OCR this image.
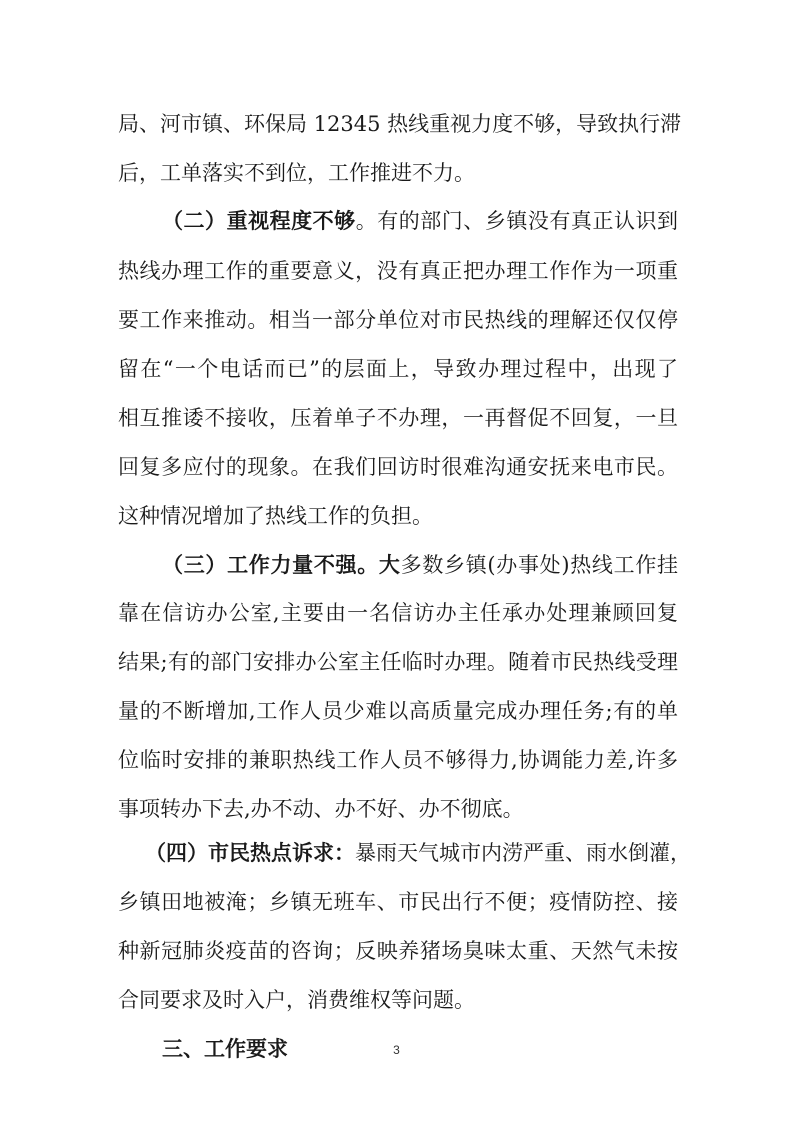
局、河市镇、环保局 12345 热线重视力度不够，导致执行滞
后，工单落实不到位，工作推进不力。
（二）重视程度不够。有的部门、乡镇没有真正认识到
热线办理工作的重要意义，没有真正把办理工作作为一项重
要工作来推动。相当一部分单位对市民热线的理解还仅仅停
留在“一个电话而已”的层面上，导致办理过程中，出现了
相互推诿不接收，压着单子不办理，一再督促不回复，一旦
回复多应付的现象。在我们回访时很难沟通安抚来电市民。
这种情况增加了热线工作的负担。
（三）工作力量不强。大多数乡镇(办事处)热线工作挂
靠在信访办公室,主要由一名信访办主任承办处理兼顾回复
结果;有的部门安排办公室主任临时办理。随着市民热线受理
量的不断增加,工作人员少难以高质量完成办理任务;有的单
位临时安排的兼职热线工作人员不够得力,协调能力差,许多
事项转办下去,办不动、办不好、办不彻底。
（四）市民热点诉求：暴雨天气城市内涝严重、雨水倒灌，
乡镇田地被淹；乡镇无班车、市民出行不便；疫情防控、接
种新冠肺炎疫苗的咨询；反映养猪场臭味太重、天然气未按
合同要求及时入户，消费维权等问题。
三、工作要求	3
